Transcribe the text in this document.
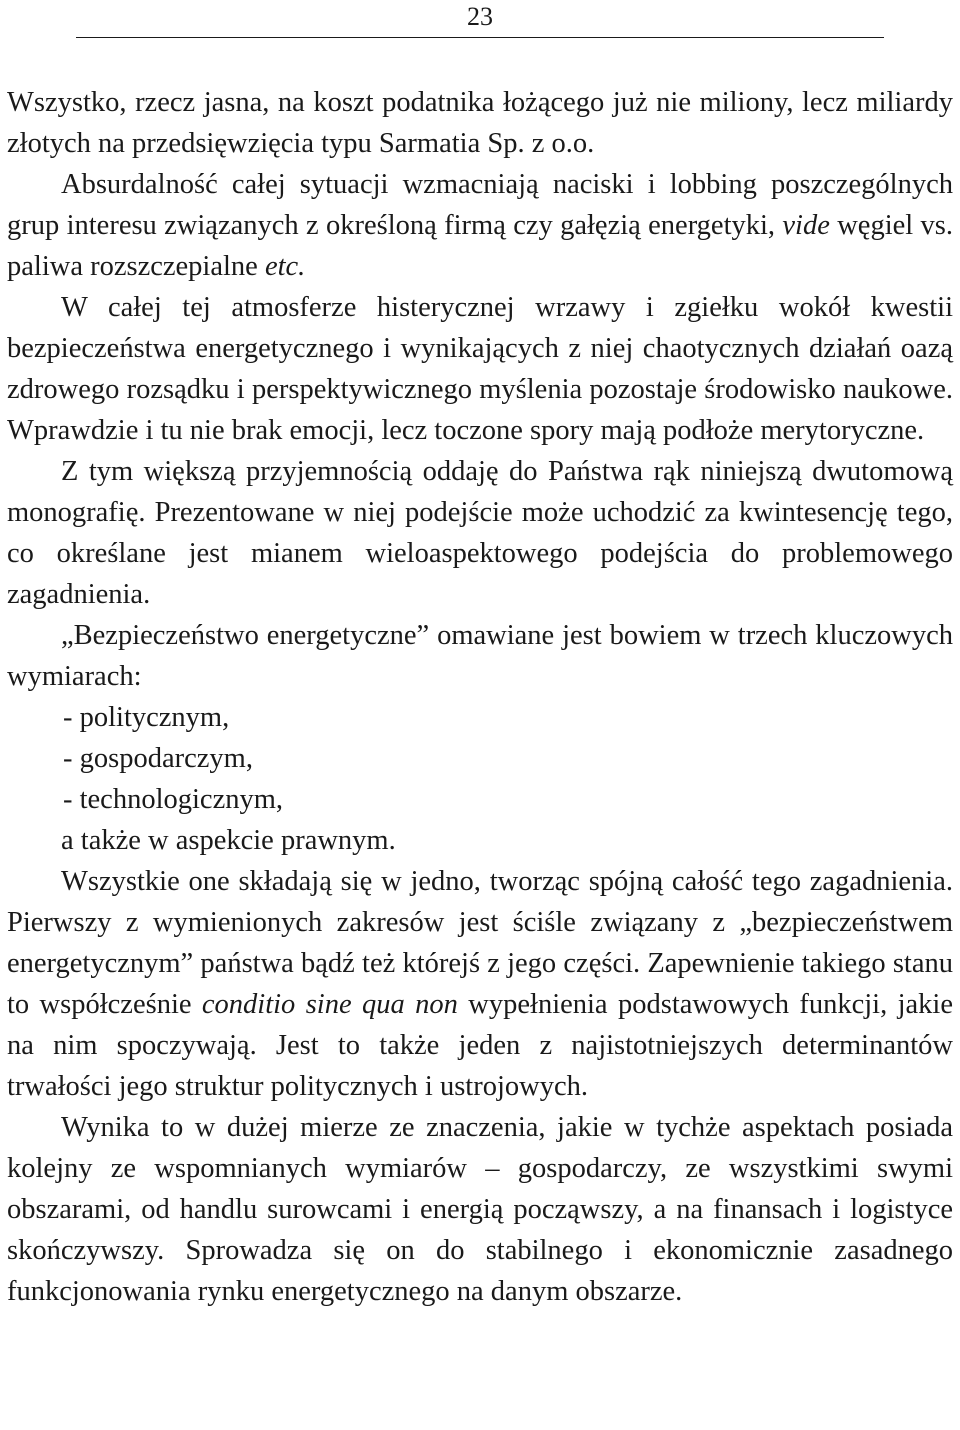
23

Wszystko, rzecz jasna, na koszt podatnika łożącego już nie miliony, lecz miliardy złotych na przedsięwzięcia typu Sarmatia Sp. z o.o.

Absurdalność całej sytuacji wzmacniają naciski i lobbing poszczególnych grup interesu związanych z określoną firmą czy gałęzią energetyki, vide węgiel vs. paliwa rozszczepialne etc.

W całej tej atmosferze histerycznej wrzawy i zgiełku wokół kwestii bezpieczeństwa energetycznego i wynikających z niej chaotycznych działań oazą zdrowego rozsądku i perspektywicznego myślenia pozostaje środowisko naukowe. Wprawdzie i tu nie brak emocji, lecz toczone spory mają podłoże merytoryczne.

Z tym większą przyjemnością oddaję do Państwa rąk niniejszą dwutomową monografię. Prezentowane w niej podejście może uchodzić za kwintesencję tego, co określane jest mianem wieloaspektowego podejścia do problemowego zagadnienia.

„Bezpieczeństwo energetyczne” omawiane jest bowiem w trzech kluczowych wymiarach:

- politycznym,

- gospodarczym,

- technologicznym,

a także w aspekcie prawnym.

Wszystkie one składają się w jedno, tworząc spójną całość tego zagadnienia. Pierwszy z wymienionych zakresów jest ściśle związany z „bezpieczeństwem energetycznym” państwa bądź też którejś z jego części. Zapewnienie takiego stanu to współcześnie conditio sine qua non wypełnienia podstawowych funkcji, jakie na nim spoczywają. Jest to także jeden z najistotniejszych determinantów trwałości jego struktur politycznych i ustrojowych.

Wynika to w dużej mierze ze znaczenia, jakie w tychże aspektach posiada kolejny ze wspomnianych wymiarów – gospodarczy, ze wszystkimi swymi obszarami, od handlu surowcami i energią począwszy, a na finansach i logistyce skończywszy. Sprowadza się on do stabilnego i ekonomicznie zasadnego funkcjonowania rynku energetycznego na danym obszarze.
